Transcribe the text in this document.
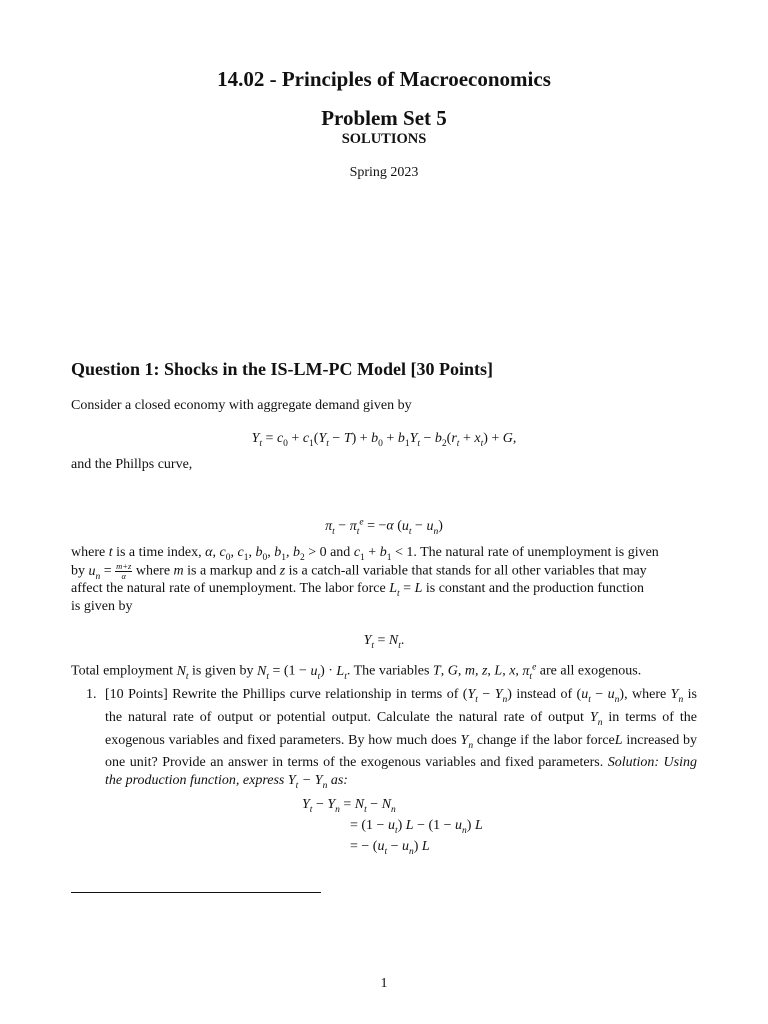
14.02 - Principles of Macroeconomics
Problem Set 5
SOLUTIONS
Spring 2023
Question 1: Shocks in the IS-LM-PC Model [30 Points]
Consider a closed economy with aggregate demand given by
$Y_t = c_0 + c_1(Y_t - T) + b_0 + b_1Y_t - b_2(r_t + x_t) + G$,
and the Phillps curve,
$\pi_t - \pi_t^e = -\alpha$ $(u_t - u_n)$
where t is a time index, α, $c_0$, $c_1$, $b_0$, $b_1$, $b_2 > 0$ and $c_1 + b_1 < 1$. The natural rate of unemployment is given
by $u_n = \frac{m+z}{\alpha}$ where m is a markup and z is a catch-all variable that stands for all other variables that may
affect the natural rate of unemployment. The labor force $L_t = L$ is constant and the production function
is given by
$Y_t = N_t$.
Total employment $N_t$ is given by $N_t = (1 - u_t) \cdot L_t$. The variables T, G, m, z, L, x, $\pi_t^e$ are all exogenous.
1. [10 Points] Rewrite the Phillips curve relationship in terms of $(Y_t - Y_n)$ instead of $(u_t - u_n)$, where $Y_n$ is the natural rate of output or potential output. Calculate the natural rate of output $Y_n$ in terms of the exogenous variables and fixed parameters. By how much does $Y_n$ change if the labor forceL increased by one unit? Provide an answer in terms of the exogenous variables and fixed parameters. Solution: Using the production function, express $Y_t - Y_n$ as:
$Y_t - Y_n = N_t - N_n$
= $(1 - u_t)$ $L - (1 - u_n)$ L
= − $(u_t - u_n)$ L
1
